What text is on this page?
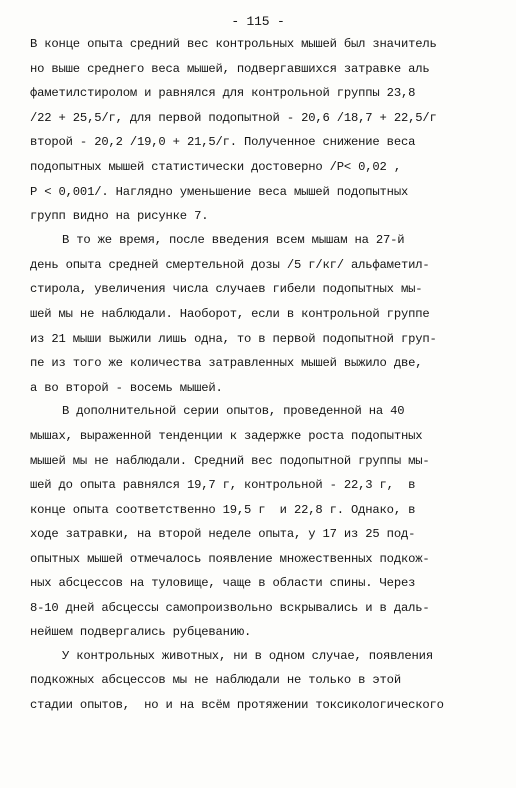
- 115 -
В конце опыта средний вес контрольных мышей был значитель
но выше среднего веса мышей, подвергавшихся затравке аль
фаметилстиролом и равнялся для контрольной группы 23,8
/22 + 25,5/г, для первой подопытной - 20,6 /18,7 + 22,5/г
второй - 20,2 /19,0 + 21,5/г. Полученное снижение веса
подопытных мышей статистически достоверно /Р< 0,02 ,
Р < 0,001/. Наглядно уменьшение веса мышей подопытных
групп видно на рисунке 7.
В то же время, после введения всем мышам на 27-й
день опыта средней смертельной дозы /5 г/кг/ альфаметил-
стирола, увеличения числа случаев гибели подопытных мы-
шей мы не наблюдали. Наоборот, если в контрольной группе
из 21 мыши выжили лишь одна, то в первой подопытной груп-
пе из того же количества затравленных мышей выжило две,
а во второй - восемь мышей.
В дополнительной серии опытов, проведенной на 40
мышах, выраженной тенденции к задержке роста подопытных
мышей мы не наблюдали. Средний вес подопытной группы мы-
шей до опыта равнялся 19,7 г, контрольной - 22,3 г,  в
конце опыта соответственно 19,5 г  и 22,8 г. Однако, в
ходе затравки, на второй неделе опыта, у 17 из 25 под-
опытных мышей отмечалось появление множественных подкож-
ных абсцессов на туловище, чаще в области спины. Через
8-10 дней абсцессы самопроизвольно вскрывались и в даль-
нейшем подвергались рубцеванию.
У контрольных животных, ни в одном случае, появления
подкожных абсцессов мы не наблюдали не только в этой
стадии опытов,  но и на всём протяжении токсикологического
